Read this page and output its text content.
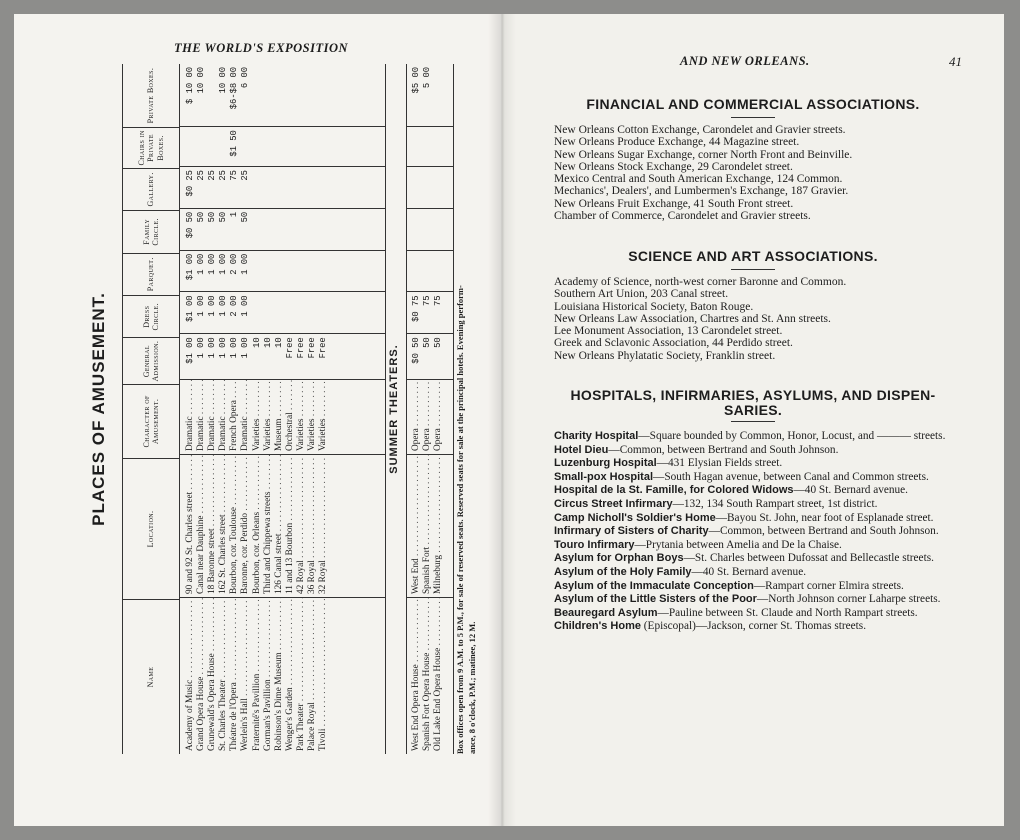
THE WORLD'S EXPOSITION
PLACES OF AMUSEMENT.
Name
Location.
Character of Amusement.
General Admission.
Dress Circle.
Parquet.
Family Circle.
Gallery.
Chairs in Private Boxes.
Private Boxes.
Academy of Music . . . Grand Opera House . . . Grunewald's Opera House . . . St. Charles Theater . . . Théatre de l'Opera . . . Werlein's Hall . . . Fraternité's Pavillion . . . Gorman's Pavillion . . . Robinson's Dime Museum . . . Wenger's Garden . . . Park Theater . . . Palace Royal . . . Tivoli . . .
90 and 92 St. Charles street . . . Canal near Dauphine . . . 18 Baronne street . . . 162 St. Charles street . . . Bourbon, cor. Toulouse . . . Baronne, cor. Perdido . . . Bourbon, cor. Orleans . . . Third and Chippewa streets . . . 126 Canal street . . . 11 and 13 Bourbon . . . 42 Royal . . . 36 Royal . . . 32 Royal . . .
Dramatic . . . Dramatic . . . Dramatic . . . Dramatic . . . French Opera . . . Dramatic . . . Varieties . . . Varieties . . . Museum . . . Orchestral . . . Varieties . . . Varieties . . . Varieties . . .
$1 00 1 00 1 00 1 00 1 00 1 00 10 10 10 Free Free Free Free
$1 00 1 00 1 00 1 00 2 00 1 00
$1 00 1 00 1 00 1 00 2 00 1 00
$0 50 50 50 50 1 50
$0 25 25 25 25 75 25
$1 50
$ 10 00 10 00 10 00 $6-$8 00 6 00
SUMMER THEATERS.
West End Opera House . . . Spanish Fort Opera House . . . Old Lake End Opera House . . .
West End . . . Spanish Fort . . . Milneburg . . .
Opera . . . Opera . . . Opera . . .
$0 50 50 50
$0 75 75 75
$5 00 5 00
Box offices open from 9 A.M. to 5 P.M., for sale of reserved seats. Reserved seats for sale at the principal hotels. Evening perform- ance, 8 o'clock, P.M.; matinee, 12 M.
AND NEW ORLEANS.	41
FINANCIAL AND COMMERCIAL ASSOCIATIONS.
New Orleans Cotton Exchange, Carondelet and Gravier streets.
New Orleans Produce Exchange, 44 Magazine street.
New Orleans Sugar Exchange, corner North Front and Beinville.
New Orleans Stock Exchange, 29 Carondelet street.
Mexico Central and South American Exchange, 124 Common.
Mechanics', Dealers', and Lumbermen's Exchange, 187 Gravier.
New Orleans Fruit Exchange, 41 South Front street.
Chamber of Commerce, Carondelet and Gravier streets.
SCIENCE AND ART ASSOCIATIONS.
Academy of Science, north-west corner Baronne and Common.
Southern Art Union, 203 Canal street.
Louisiana Historical Society, Baton Rouge.
New Orleans Law Association, Chartres and St. Ann streets.
Lee Monument Association, 13 Carondelet street.
Greek and Sclavonic Association, 44 Perdido street.
New Orleans Phylatatic Society, Franklin street.
HOSPITALS, INFIRMARIES, ASYLUMS, AND DISPEN-
SARIES.

Charity Hospital—Square bounded by Common, Honor, Locust, and ——— streets.

Hotel Dieu—Common, between Bertrand and South Johnson.

Luzenburg Hospital—431 Elysian Fields street.

Small-pox Hospital—South Hagan avenue, between Canal and Common streets.

Hospital de la St. Famille, for Colored Widows—40 St. Bernard avenue.

Circus Street Infirmary—132, 134 South Rampart street, 1st district.

Camp Nicholl's Soldier's Home—Bayou St. John, near foot of Esplanade street.

Infirmary of Sisters of Charity—Common, between Bertrand and South Johnson.

Touro Infirmary—Prytania between Amelia and De la Chaise.

Asylum for Orphan Boys—St. Charles between Dufossat and Bellecastle streets.

Asylum of the Holy Family—40 St. Bernard avenue.

Asylum of the Immaculate Conception—Rampart corner Elmira streets.

Asylum of the Little Sisters of the Poor—North Johnson corner Laharpe streets.

Beauregard Asylum—Pauline between St. Claude and North Rampart streets.

Children's Home (Episcopal)—Jackson, corner St. Thomas streets.
